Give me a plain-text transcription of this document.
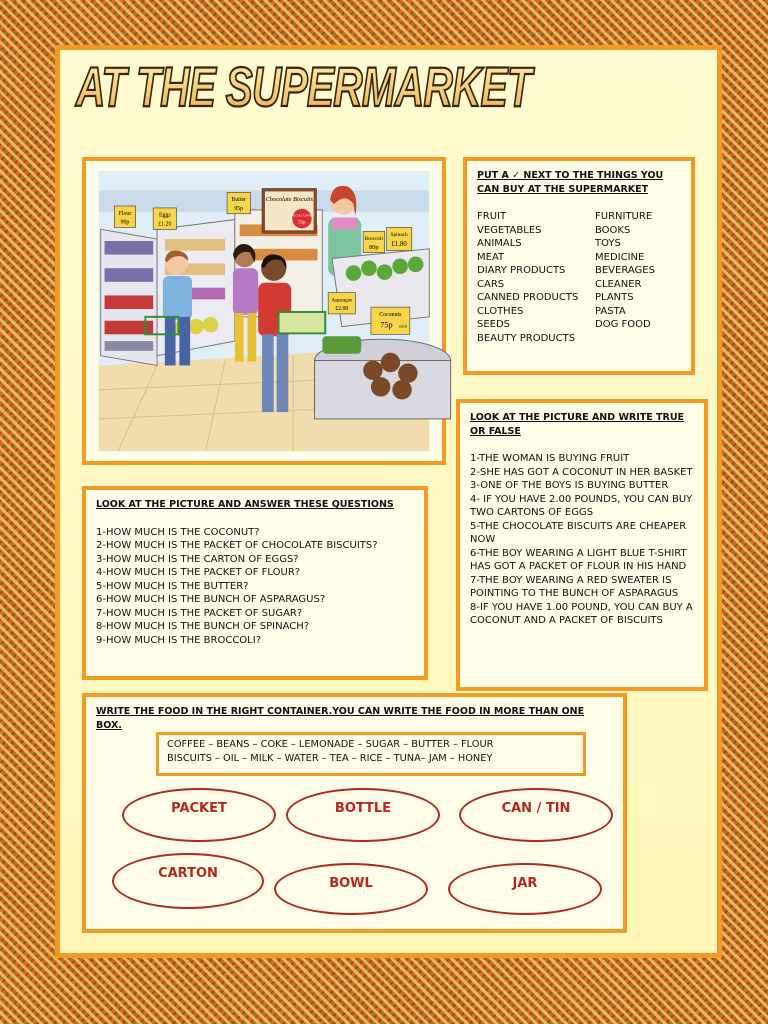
AT THE SUPERMARKET
Flour
90p
Eggs
£1.20
Butter
95p
Chocolate Biscuits
SPECIAL OFFER!
55p
Broccoli
80p
Spinach
£1.80
Asparagus
£2.00
Coconuts
75p each
PUT A ✓ NEXT TO THE THINGS YOU CAN BUY AT THE SUPERMARKET
FRUIT	FURNITURE
VEGETABLES	BOOKS
ANIMALS	TOYS
MEAT	MEDICINE
DIARY PRODUCTS	BEVERAGES
CARS	CLEANER
CANNED PRODUCTS	PLANTS
CLOTHES	PASTA
SEEDS	DOG FOOD
BEAUTY PRODUCTS
LOOK AT THE PICTURE AND WRITE TRUE OR FALSE

1-THE WOMAN IS BUYING FRUIT

2-SHE HAS GOT A COCONUT IN HER BASKET

3-ONE OF THE BOYS IS BUYING BUTTER

4- IF YOU HAVE 2.00 POUNDS, YOU CAN BUY TWO CARTONS OF EGGS

5-THE CHOCOLATE BISCUITS ARE CHEAPER NOW

6-THE BOY WEARING A LIGHT BLUE T-SHIRT HAS GOT A PACKET OF FLOUR IN HIS HAND

7-THE BOY WEARING A RED SWEATER IS POINTING TO THE BUNCH OF ASPARAGUS

8-IF YOU HAVE 1.00 POUND, YOU CAN BUY A COCONUT AND A PACKET OF BISCUITS

LOOK AT THE PICTURE AND ANSWER THESE QUESTIONS

1-HOW MUCH IS THE COCONUT?

2-HOW MUCH IS THE PACKET OF CHOCOLATE BISCUITS?

3-HOW MUCH IS THE CARTON OF EGGS?

4-HOW MUCH IS THE PACKET OF FLOUR?

5-HOW MUCH IS THE BUTTER?

6-HOW MUCH IS THE BUNCH OF ASPARAGUS?

7-HOW MUCH IS THE PACKET OF SUGAR?

8-HOW MUCH IS THE BUNCH OF SPINACH?

9-HOW MUCH IS THE BROCCOLI?

WRITE THE FOOD IN THE RIGHT CONTAINER.YOU CAN WRITE THE FOOD IN MORE THAN ONE BOX.
COFFEE – BEANS – COKE – LEMONADE – SUGAR – BUTTER – FLOUR
BISCUITS – OIL – MILK – WATER – TEA – RICE – TUNA– JAM – HONEY
PACKET	BOTTLE	CAN / TIN
CARTON
BOWL	JAR
